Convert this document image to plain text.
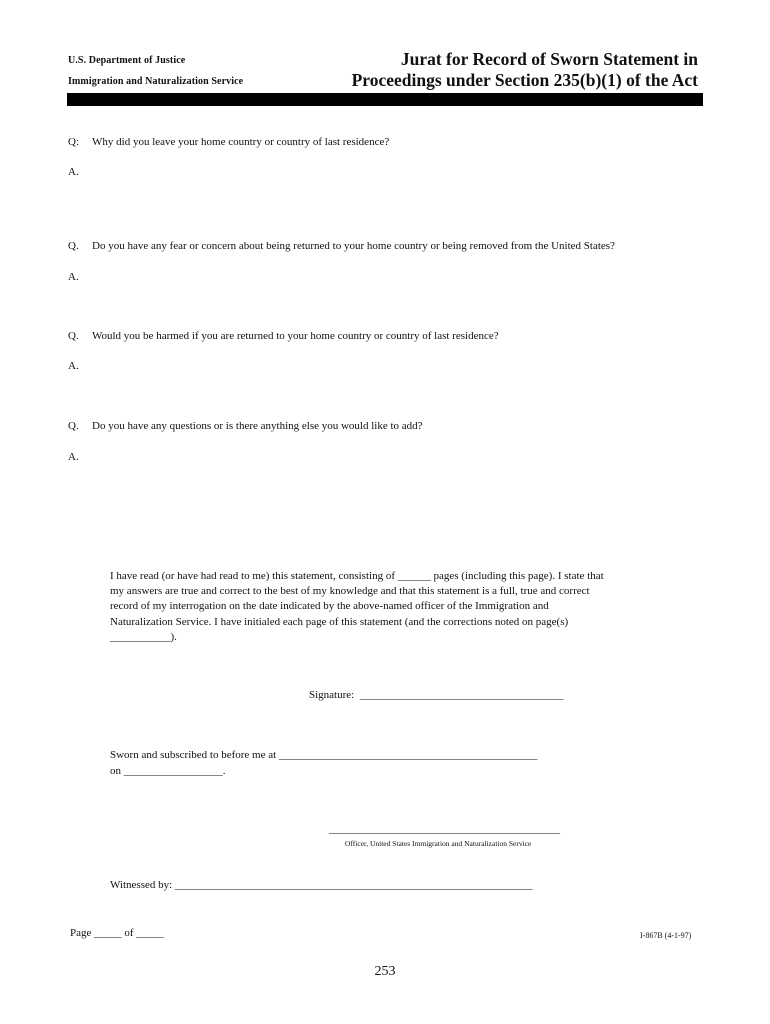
U.S. Department of Justice
Immigration and Naturalization Service
Jurat for Record of Sworn Statement in
Proceedings under Section 235(b)(1) of the Act
Q: Why did you leave your home country or country of last residence?
A.
Q. Do you have any fear or concern about being returned to your home country or being removed from the United States?
A.
Q. Would you be harmed if you are returned to your home country or country of last residence?
A.
Q. Do you have any questions or is there anything else you would like to add?
A.
I have read (or have had read to me) this statement, consisting of ______ pages (including this page). I state that
my answers are true and correct to the best of my knowledge and that this statement is a full, true and correct
record of my interrogation on the date indicated by the above-named officer of the Immigration and
Naturalization Service. I have initialed each page of this statement (and the corrections noted on page(s)
___________).
Signature:  _____________________________________
Sworn and subscribed to before me at _______________________________________________
on __________________.
__________________________________________
Officer, United States Immigration and Naturalization Service
Witnessed by: _________________________________________________________________
Page _____ of _____	I-867B (4-1-97)
253
